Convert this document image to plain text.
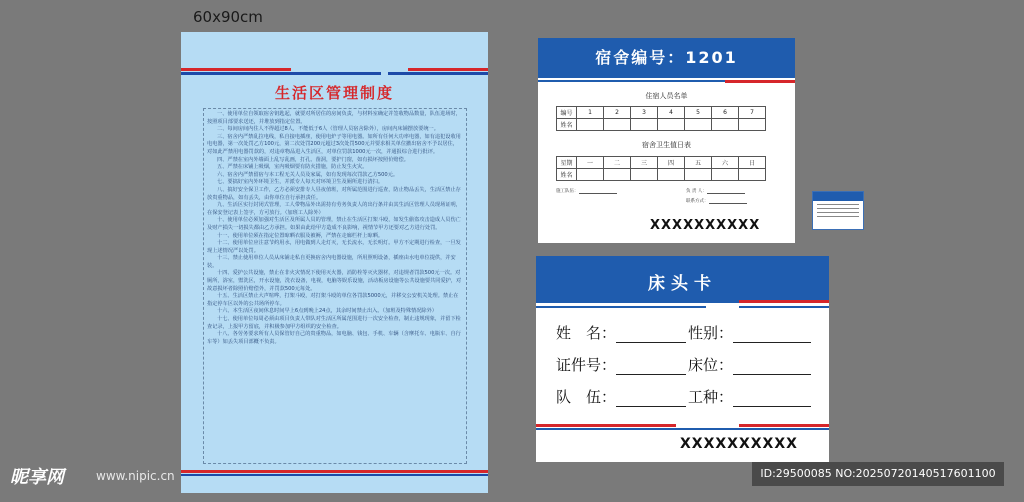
60x90cm
生活区管理制度

一、使用单位自领取宿舍钥匙起，就要对所居住的房间负责，与材料室确定并签收物品数量，队伍进场时，按照项目部要求送还，并堆放到指定位置。

二、每间房间内住人不得超过8人，不能低于6人（管理人员宿舍除外），房间内床铺摆放要统一。

三、宿舍内严禁乱拉电线，私自接电插座，使用电炉子等用电器。如所有任何大功率电器，如有违犯设收用电电器，第一次处罚乙方100元，第二次处罚200元超过3次处罚500元并要求相关单位撤出宿舍不予以居住，对如此严禁用电器罚款的，对违章物品进入生活区，对单位罚款1000元一次，并通报综合进行批评。

四、严禁在室内外墙面上乱写乱画，打孔、凿洞，要护门窗，如有损坏按照价赔偿。

五、严禁在床铺上吸烟，室内吸烟要有防火措施，防止发生火灾。

六、宿舍内严禁留宿与本工程无关人员及家属，如有发现每次罚款乙方500元。

七、要搞好室内外环境卫生，并派专人每天对环境卫生及厕所进行清扫。

八、搞好安全保卫工作，乙方必须安排专人昼夜值班，对所属范围进行巡查，防止物品丢失，生活区禁止存放贵重物品，如有丢失，由你单位自行承担责任。

九、生活区实行封闭式管理，工人带物品外出需持有劳务负责人的出行条并由其生活区管理人员现场证明，在保安登记表上签字，方可放行。（加班工人除外）

十、使用单位必须加强对生活区及所属人员的管理，禁止在生活区打架斗殴，如发生偷盗攻击造成人员伤亡及财产损失一切损失都由乙方承担。如果由此给甲方造成不良影响，视情节甲方还要对乙方进行处罚。

十一、使用单位须在指定位置晾晒衣服及被褥，严禁在走廊栏杆上晾晒。

十二、使用单位应注意节约用水，用电做到人走灯灭，无长流水，无长明灯。甲方不定期进行检查，一旦发现上述情况严以处罚。

十三、禁止使用单位人员从床铺走私自更换宿舍内电器设施，所用照明设备，插座由水电单位提供，并安装。

十四、爱护公共设施，禁止在非火灾情况下使用灭火器，消防栓等灭火器材，对违规者罚款500元一次。对厕所，浴室，盥洗区，开水设施，洗衣设备，电视，电脑等娱乐设施，活动板房设施等公共设施要共同爱护，对故意损坏者除照价赔偿外，并罚款500元每处。

十五、生活区禁止大声喧哗，打架斗殴，对打架斗殴的单位各罚款5000元，并移交公安机关处理。禁止在指定停车区以外的公共场所停车。

十六、本生活区夜间休息时间早上6点到晚上24点，其余时间禁止出入。（加班及特殊情况除外）

十七、使用单位每周必须由项目负责人带队对生活区所属范围进行一次安全检查，制止违规现象，并留下检查记录，上报甲方留底，并积极参加甲方组织的安全检查。

十八、各劳务要求所有人员保管好自己的贵重物品，如电脑、钱包、手机、车辆（含摩托车、电瓶车、自行车等）如丢失项目部概不负责。

宿舍编号：1201
住宿人员名单
编号	1	2	3	4	5	6	7
姓名							
宿舍卫生值日表
星期	一	二	三	四	五	六	日
姓名							
施工队伍：	负 责 人：
联系方式：
XXXXXXXXXX
床头卡
姓　名：	性别：
证件号：	床位：
队　伍：	工种：
XXXXXXXXXX
昵享网	www.nipic.cn	ID:29500085 NO:20250720140517601100
